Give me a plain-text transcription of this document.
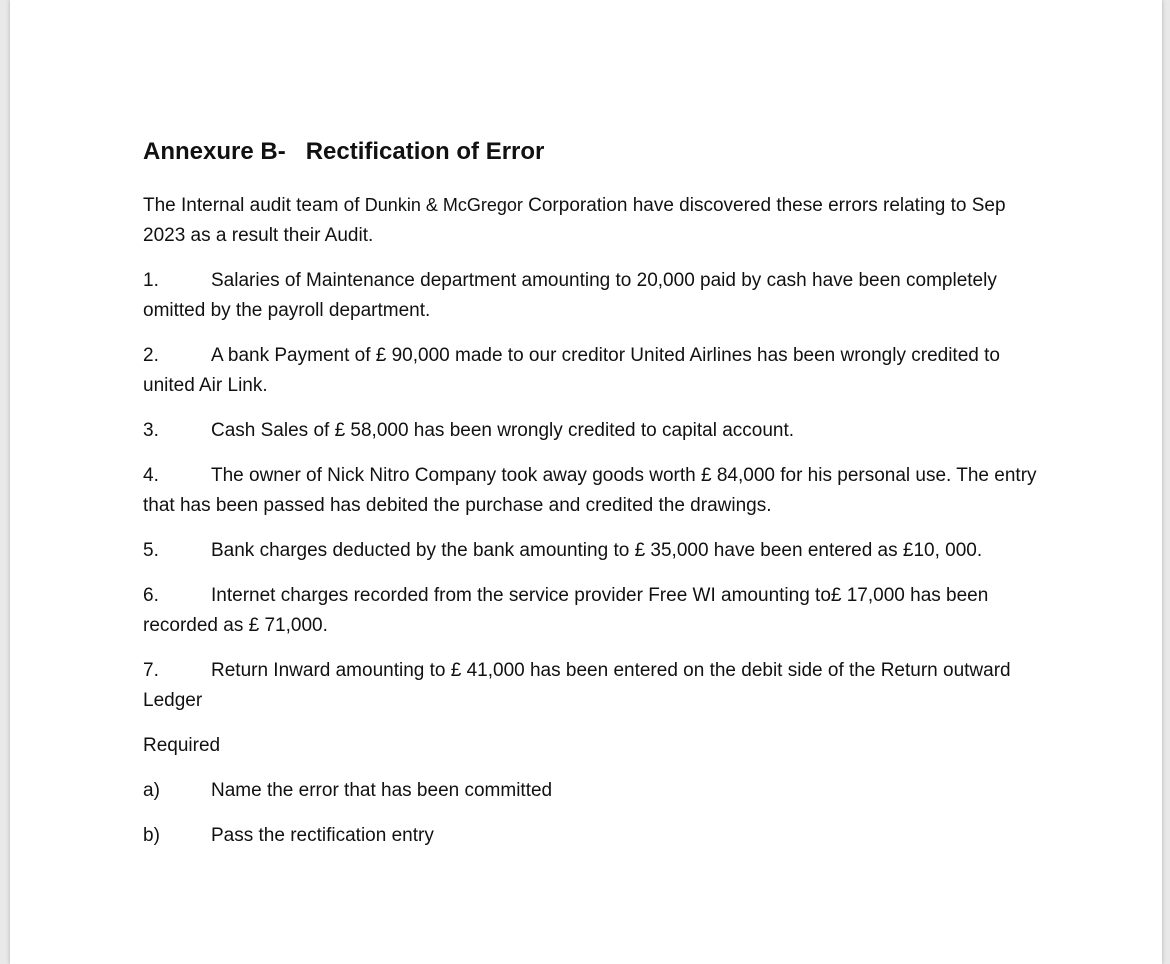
Annexure B-   Rectification of Error

The Internal audit team of Dunkin & McGregor Corporation have discovered these errors relating to Sep 2023 as a result their Audit.

1.	Salaries of Maintenance department amounting to 20,000 paid by cash have been completely omitted by the payroll department.

2.	A bank Payment of £ 90,000 made to our creditor United Airlines has been wrongly credited to united Air Link.

3.	Cash Sales of £ 58,000 has been wrongly credited to capital account.

4.	The owner of Nick Nitro Company took away goods worth £ 84,000 for his personal use. The entry that has been passed has debited the purchase and credited the drawings.

5.	Bank charges deducted by the bank amounting to £ 35,000 have been entered as £10, 000.

6.	Internet charges recorded from the service provider Free WI amounting to£ 17,000 has been recorded as £ 71,000.

7.	Return Inward amounting to £ 41,000 has been entered on the debit side of the Return outward Ledger

Required

a)	Name the error that has been committed

b)	Pass the rectification entry
